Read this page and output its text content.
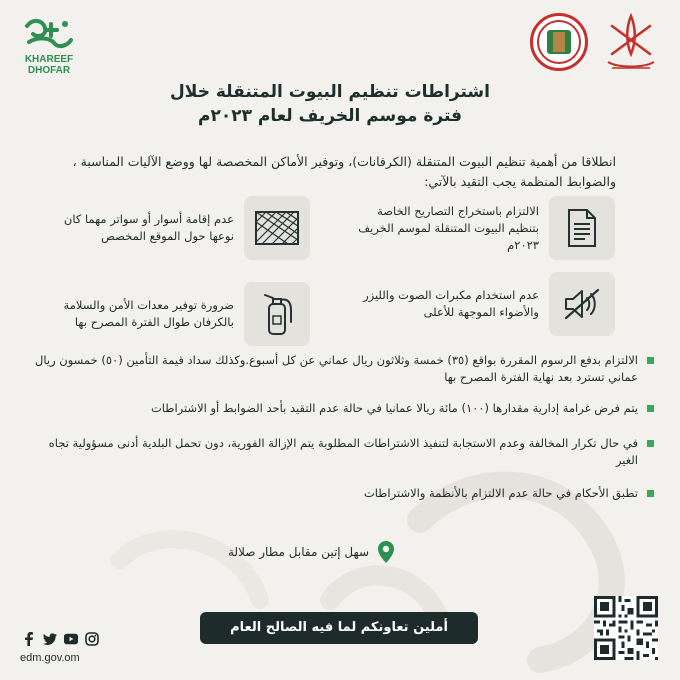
KHAREEF
DHOFAR
اشتراطات تنظيم البيوت المتنقلة خلال
فترة موسم الخريف لعام ٢٠٢٣م
انطلاقا من أهمية تنظيم البيوت المتنقلة (الكرفانات)، وتوفير الأماكن المخصصة لها ووضع الآليات المناسبة ، والضوابط المنظمة يجب التقيد بالآتي:
الالتزام باستخراج التصاريح الخاصة بتنظيم البيوت المتنقلة لموسم الخريف ٢٠٢٣م
عدم إقامة أسوار أو سواتر مهما كان نوعها حول الموقع المخصص
عدم استخدام مكبرات الصوت والليزر والأضواء الموجهة للأعلى
ضرورة توفير معدات الأمن والسلامة بالكرفان طوال الفترة المصرح بها
الالتزام بدفع الرسوم المقررة بواقع (٣٥) خمسة وثلاثون ريال عماني عن كل أسبوع.وكذلك سداد قيمة التأمين (٥٠) خمسون ريال عماني تسترد بعد نهاية الفترة المصرح بها
يتم فرض غرامة إدارية مقدارها (١٠٠) مائة ريالا عمانيا في حالة عدم التقيد بأحد الضوابط أو الاشتراطات
في حال تكرار المخالفة وعدم الاستجابة لتنفيذ الاشتراطات المطلوبة يتم الإزالة الفورية، دون تحمل البلدية أدنى مسؤولية تجاه الغير
تطبق الأحكام في حالة عدم الالتزام بالأنظمة والاشتراطات
سهل إتين مقابل مطار صلالة
أملين تعاونكم لما فيه الصالح العام
edm.gov.om
